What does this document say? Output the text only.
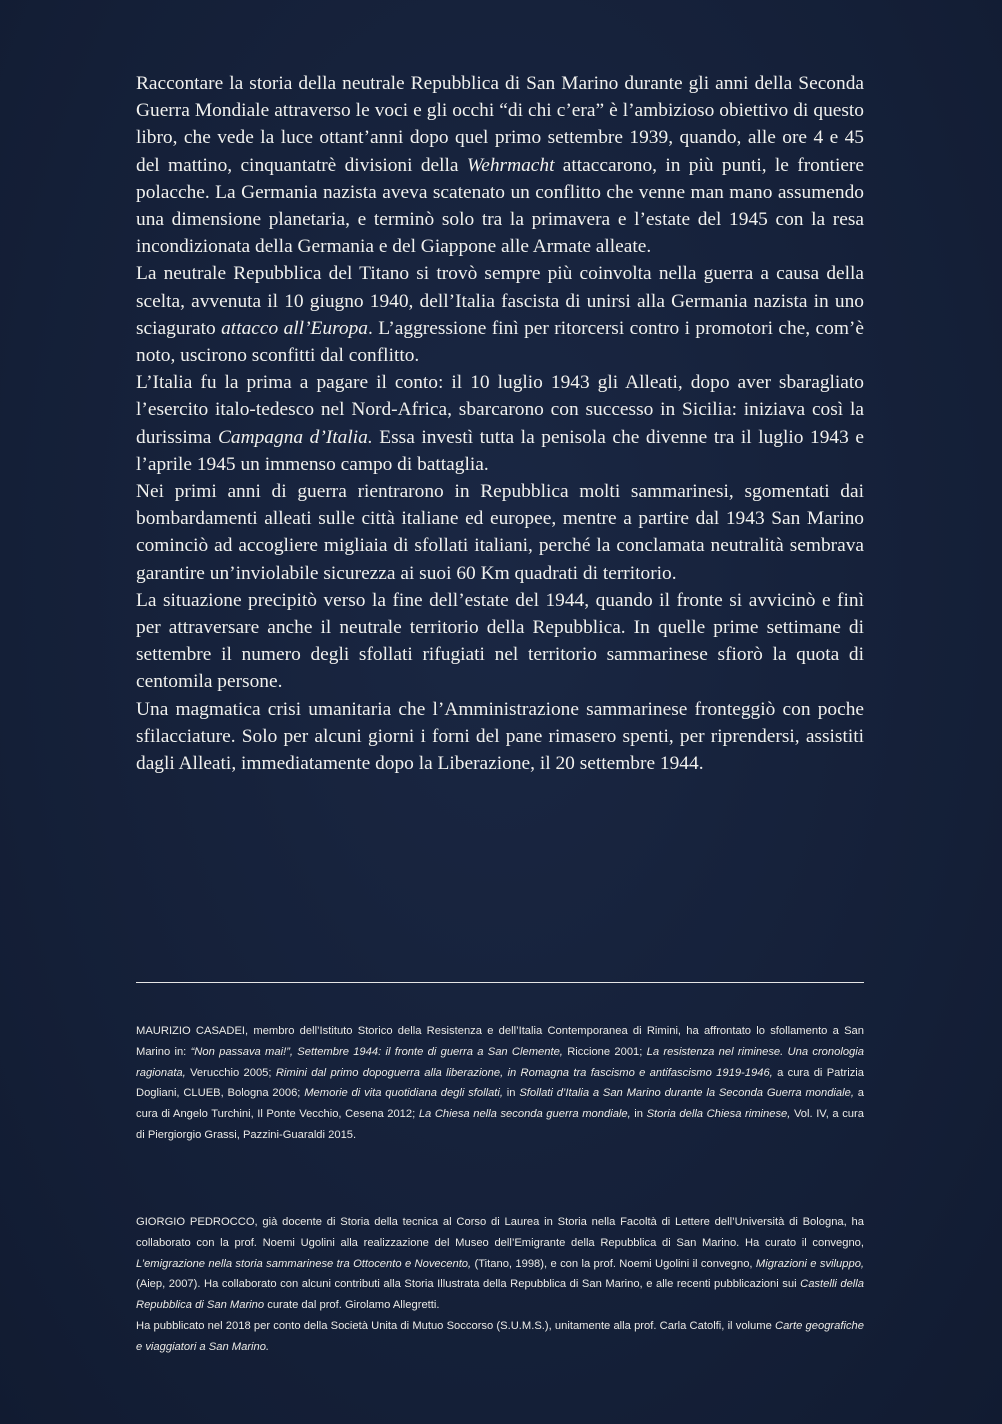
Raccontare la storia della neutrale Repubblica di San Marino durante gli anni della Seconda Guerra Mondiale attraverso le voci e gli occhi “di chi c’era” è l’ambizioso obiettivo di questo libro, che vede la luce ottant’anni dopo quel primo settembre 1939, quando, alle ore 4 e 45 del mattino, cinquantatrè divisioni della Wehrmacht attaccarono, in più punti, le frontiere polacche. La Germania nazista aveva scatenato un conflitto che venne man mano assumendo una dimensione planetaria, e terminò solo tra la primavera e l’estate del 1945 con la resa incondizionata della Germania e del Giappone alle Armate alleate.

La neutrale Repubblica del Titano si trovò sempre più coinvolta nella guerra a causa della scelta, avvenuta il 10 giugno 1940, dell’Italia fascista di unirsi alla Germania nazista in uno sciagurato attacco all’Europa. L’aggressione finì per ritorcersi contro i promotori che, com’è noto, uscirono sconfitti dal conflitto.

L’Italia fu la prima a pagare il conto: il 10 luglio 1943 gli Alleati, dopo aver sbaragliato l’esercito italo-tedesco nel Nord-Africa, sbarcarono con successo in Sicilia: iniziava così la durissima Campagna d’Italia. Essa investì tutta la penisola che divenne tra il luglio 1943 e l’aprile 1945 un immenso campo di battaglia.

Nei primi anni di guerra rientrarono in Repubblica molti sammarinesi, sgomentati dai bombardamenti alleati sulle città italiane ed europee, mentre a partire dal 1943 San Marino cominciò ad accogliere migliaia di sfollati italiani, perché la conclamata neutralità sembrava garantire un’inviolabile sicurezza ai suoi 60 Km quadrati di territorio.

La situazione precipitò verso la fine dell’estate del 1944, quando il fronte si avvicinò e finì per attraversare anche il neutrale territorio della Repubblica. In quelle prime settimane di settembre il numero degli sfollati rifugiati nel territorio sammarinese sfiorò la quota di centomila persone.

Una magmatica crisi umanitaria che l’Amministrazione sammarinese fronteggiò con poche sfilacciature. Solo per alcuni giorni i forni del pane rimasero spenti, per riprendersi, assistiti dagli Alleati, immediatamente dopo la Liberazione, il 20 settembre 1944.

MAURIZIO CASADEI, membro dell’Istituto Storico della Resistenza e dell’Italia Contemporanea di Rimini, ha affrontato lo sfollamento a San Marino in: “Non passava mai!”, Settembre 1944: il fronte di guerra a San Clemente, Riccione 2001; La resistenza nel riminese. Una cronologia ragionata, Verucchio 2005; Rimini dal primo dopoguerra alla liberazione, in Romagna tra fascismo e antifascismo 1919-1946, a cura di Patrizia Dogliani, CLUEB, Bologna 2006; Memorie di vita quotidiana degli sfollati, in Sfollati d’Italia a San Marino durante la Seconda Guerra mondiale, a cura di Angelo Turchini, Il Ponte Vecchio, Cesena 2012; La Chiesa nella seconda guerra mondiale, in Storia della Chiesa riminese, Vol. IV, a cura di Piergiorgio Grassi, Pazzini-Guaraldi 2015.

GIORGIO PEDROCCO, già docente di Storia della tecnica al Corso di Laurea in Storia nella Facoltà di Lettere dell’Università di Bologna, ha collaborato con la prof. Noemi Ugolini alla realizzazione del Museo dell’Emigrante della Repubblica di San Marino. Ha curato il convegno, L’emigrazione nella storia sammarinese tra Ottocento e Novecento, (Titano, 1998), e con la prof. Noemi Ugolini il convegno, Migrazioni e sviluppo, (Aiep, 2007). Ha collaborato con alcuni contributi alla Storia Illustrata della Repubblica di San Marino, e alle recenti pubblicazioni sui Castelli della Repubblica di San Marino curate dal prof. Girolamo Allegretti.

Ha pubblicato nel 2018 per conto della Società Unita di Mutuo Soccorso (S.U.M.S.), unitamente alla prof. Carla Catolfi, il volume Carte geografiche e viaggiatori a San Marino.
